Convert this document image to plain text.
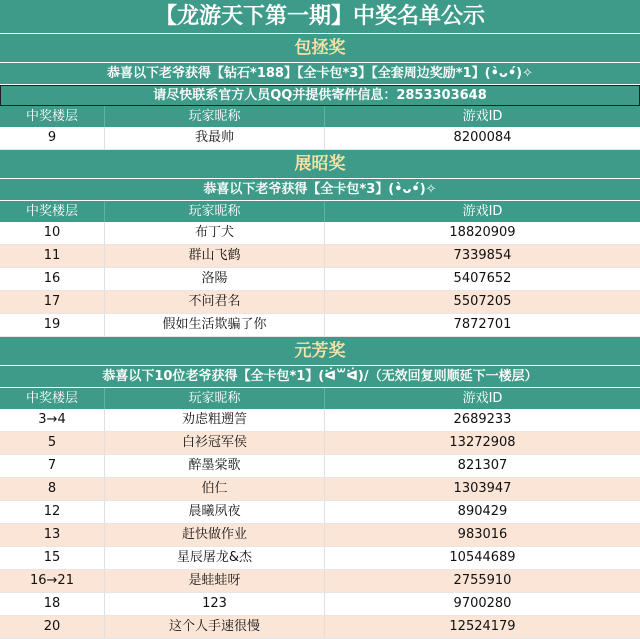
【龙游天下第一期】中奖名单公示
包拯奖
恭喜以下老爷获得【钻石*188】【全卡包*3】【全套周边奖励*1】(•̀ᴗ•́)✧
请尽快联系官方人员QQ并提供寄件信息：2853303648
中奖楼层	玩家昵称	游戏ID
9	我最帅	8200084
展昭奖
恭喜以下老爷获得【全卡包*3】(•̀ᴗ•́)✧
中奖楼层	玩家昵称	游戏ID
10	布丁犬	18820909
11	群山飞鹤	7339854
16	洛陽	5407652
17	不问君名	5507205
19	假如生活欺骗了你	7872701
元芳奖
恭喜以下10位老爷获得【全卡包*1】(ᐛ꒳ᐛ)/（无效回复则顺延下一楼层）
中奖楼层	玩家昵称	游戏ID
3→4	劝虑粗遡䇾	2689233
5	白衫冠军侯	13272908
7	醉墨棠歌	821307
8	伯仁	1303947
12	晨曦夙夜	890429
13	赶快做作业	983016
15	星辰屠龙&杰	10544689
16→21	是蛙蛙呀	2755910
18	123	9700280
20	这个人手速很慢	12524179
